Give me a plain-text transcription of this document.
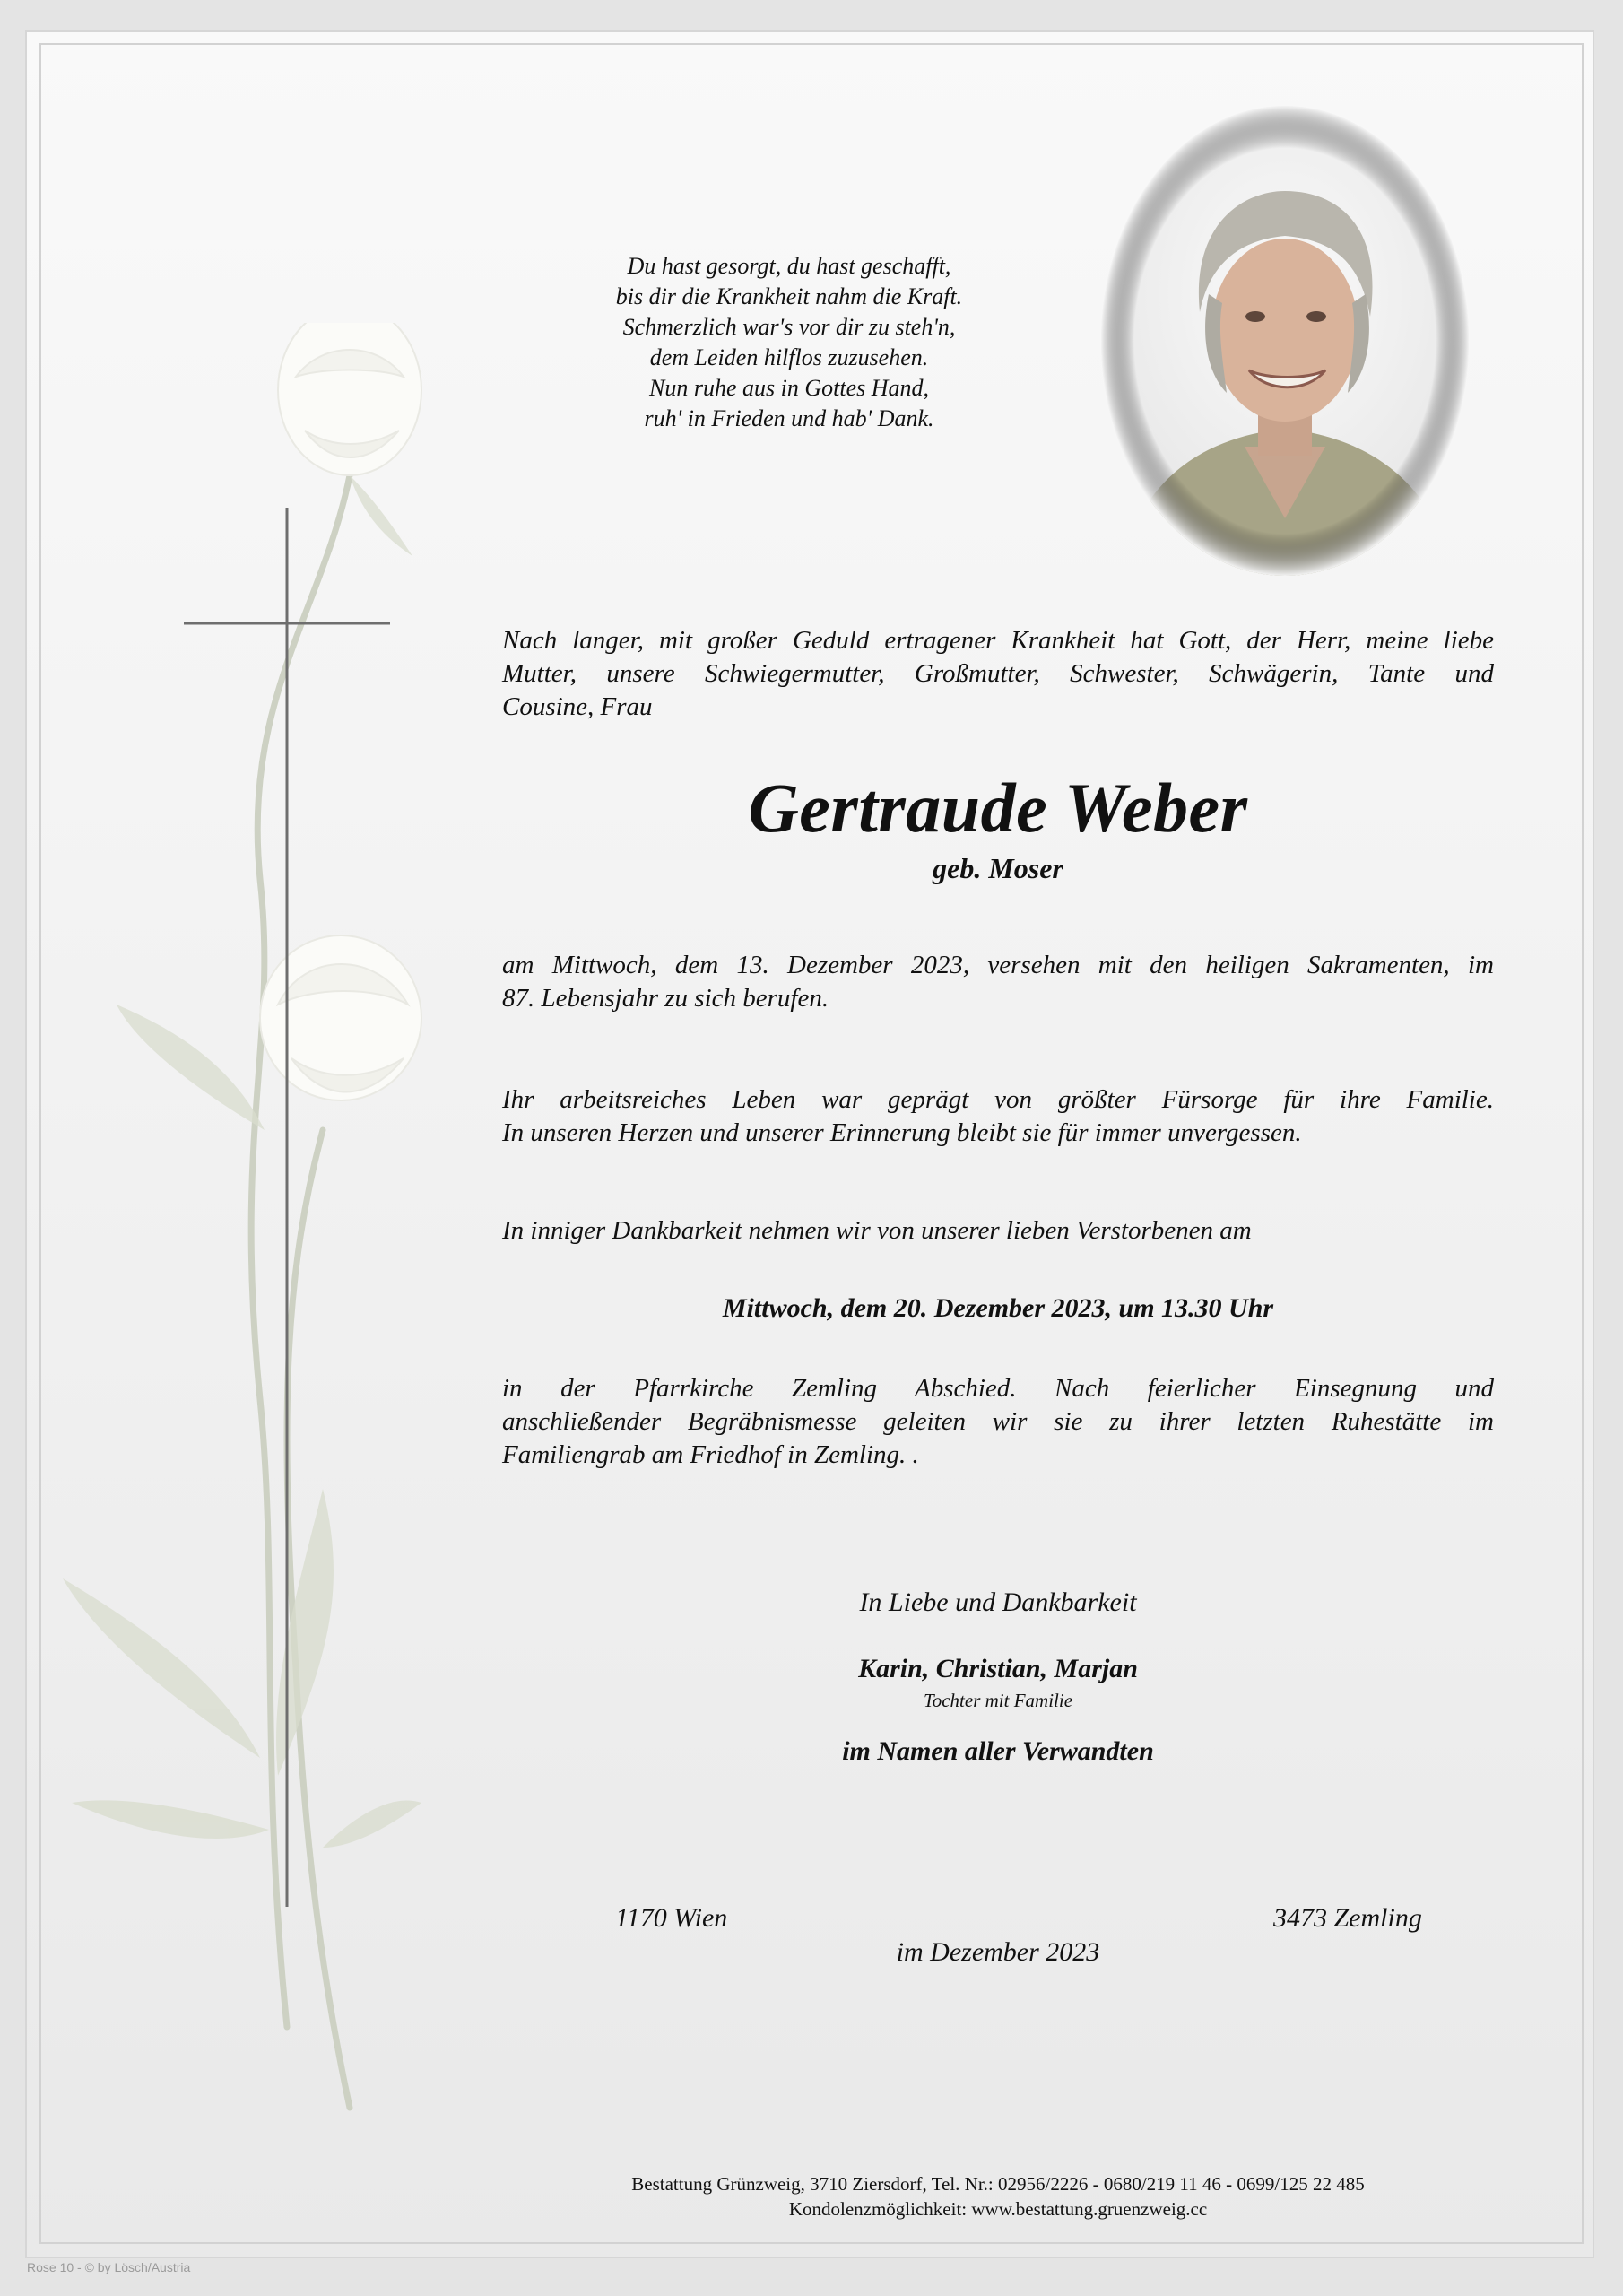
Du hast gesorgt, du hast geschafft,
bis dir die Krankheit nahm die Kraft.
Schmerzlich war's vor dir zu steh'n,
dem Leiden hilflos zuzusehen.
Nun ruhe aus in Gottes Hand,
ruh' in Frieden und hab' Dank.
Nach langer, mit großer Geduld ertragener Krankheit hat Gott, der Herr, meine liebe
Mutter, unsere Schwiegermutter, Großmutter, Schwester, Schwägerin, Tante und
Cousine, Frau
Gertraude Weber
geb. Moser
am Mittwoch, dem 13. Dezember 2023, versehen mit den heiligen Sakramenten, im
87. Lebensjahr zu sich berufen.
Ihr arbeitsreiches Leben war geprägt von größter Fürsorge für ihre Familie.
In unseren Herzen und unserer Erinnerung bleibt sie für immer unvergessen.
In inniger Dankbarkeit nehmen wir von unserer lieben Verstorbenen am
Mittwoch, dem 20. Dezember 2023, um 13.30 Uhr
in der Pfarrkirche Zemling Abschied. Nach feierlicher Einsegnung und
anschließender Begräbnismesse geleiten wir sie zu ihrer letzten Ruhestätte im
Familiengrab am Friedhof in Zemling. .
In Liebe und Dankbarkeit
Karin, Christian, Marjan
Tochter mit Familie
im Namen aller Verwandten
1170 Wien	3473 Zemling
im Dezember 2023
Bestattung Grünzweig, 3710 Ziersdorf, Tel. Nr.: 02956/2226 - 0680/219 11 46 - 0699/125 22 485
Kondolenzmöglichkeit: www.bestattung.gruenzweig.cc
Rose 10 - © by Lösch/Austria
